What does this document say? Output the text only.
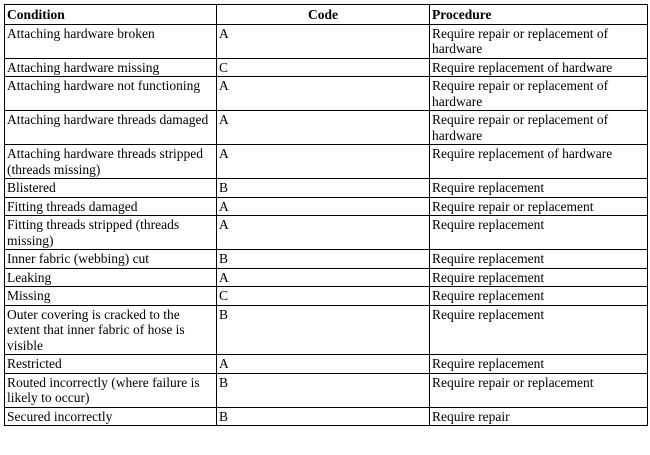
Condition	Code	Procedure
Attaching hardware broken	A	Require repair or replacement of hardware
Attaching hardware missing	C	Require replacement of hardware
Attaching hardware not functioning	A	Require repair or replacement of hardware
Attaching hardware threads damaged	A	Require repair or replacement of hardware
Attaching hardware threads stripped (threads missing)	A	Require replacement of hardware
Blistered	B	Require replacement
Fitting threads damaged	A	Require repair or replacement
Fitting threads stripped (threads missing)	A	Require replacement
Inner fabric (webbing) cut	B	Require replacement
Leaking	A	Require replacement
Missing	C	Require replacement
Outer covering is cracked to the extent that inner fabric of hose is visible	B	Require replacement
Restricted	A	Require replacement
Routed incorrectly (where failure is likely to occur)	B	Require repair or replacement
Secured incorrectly	B	Require repair
